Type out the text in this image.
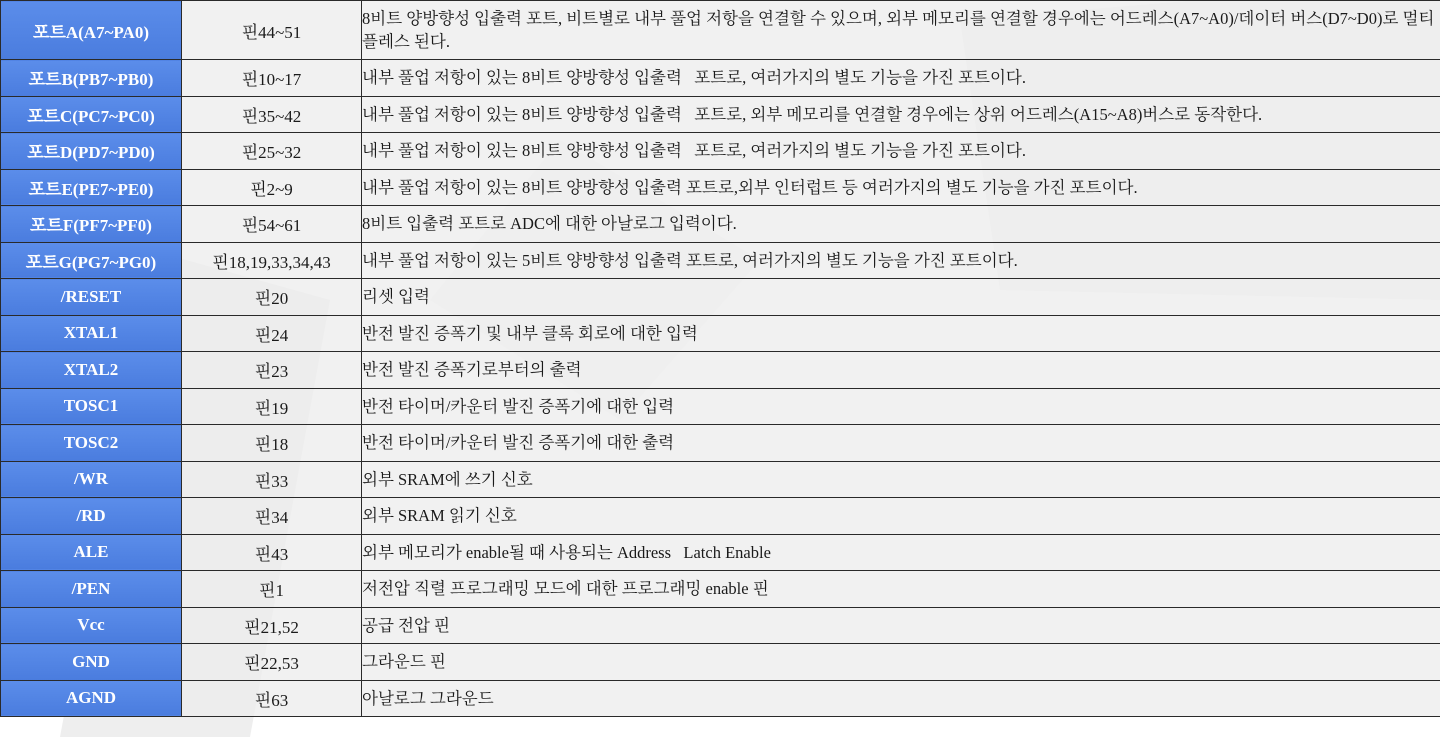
포트A(A7~PA0)	핀44~51	8비트 양방향성 입출력 포트, 비트별로 내부 풀업 저항을 연결할 수 있으며, 외부 메모리를 연결할 경우에는 어드레스(A7~A0)/데이터 버스(D7~D0)로 멀티플레스 된다.

포트B(PB7~PB0)	핀10~17	내부 풀업 저항이 있는 8비트 양방향성 입출력   포트로, 여러가지의 별도 기능을 가진 포트이다.

포트C(PC7~PC0)	핀35~42	내부 풀업 저항이 있는 8비트 양방향성 입출력   포트로, 외부 메모리를 연결할 경우에는 상위 어드레스(A15~A8)버스로 동작한다.

포트D(PD7~PD0)	핀25~32	내부 풀업 저항이 있는 8비트 양방향성 입출력   포트로, 여러가지의 별도 기능을 가진 포트이다.

포트E(PE7~PE0)	핀2~9	내부 풀업 저항이 있는 8비트 양방향성 입출력 포트로,외부 인터럽트 등 여러가지의 별도 기능을 가진 포트이다.

포트F(PF7~PF0)	핀54~61	8비트 입출력 포트로 ADC에 대한 아날로그 입력이다.

포트G(PG7~PG0)	핀18,19,33,34,43	내부 풀업 저항이 있는 5비트 양방향성 입출력 포트로, 여러가지의 별도 기능을 가진 포트이다.

/RESET	핀20	리셋 입력

XTAL1	핀24	반전 발진 증폭기 및 내부 클록 회로에 대한 입력

XTAL2	핀23	반전 발진 증폭기로부터의 출력

TOSC1	핀19	반전 타이머/카운터 발진 증폭기에 대한 입력

TOSC2	핀18	반전 타이머/카운터 발진 증폭기에 대한 출력

/WR	핀33	외부 SRAM에 쓰기 신호

/RD	핀34	외부 SRAM 읽기 신호

ALE	핀43	외부 메모리가 enable될 때 사용되는 Address   Latch Enable

/PEN	핀1	저전압 직렬 프로그래밍 모드에 대한 프로그래밍 enable 핀

Vcc	핀21,52	공급 전압 핀

GND	핀22,53	그라운드 핀

AGND	핀63	아날로그 그라운드
